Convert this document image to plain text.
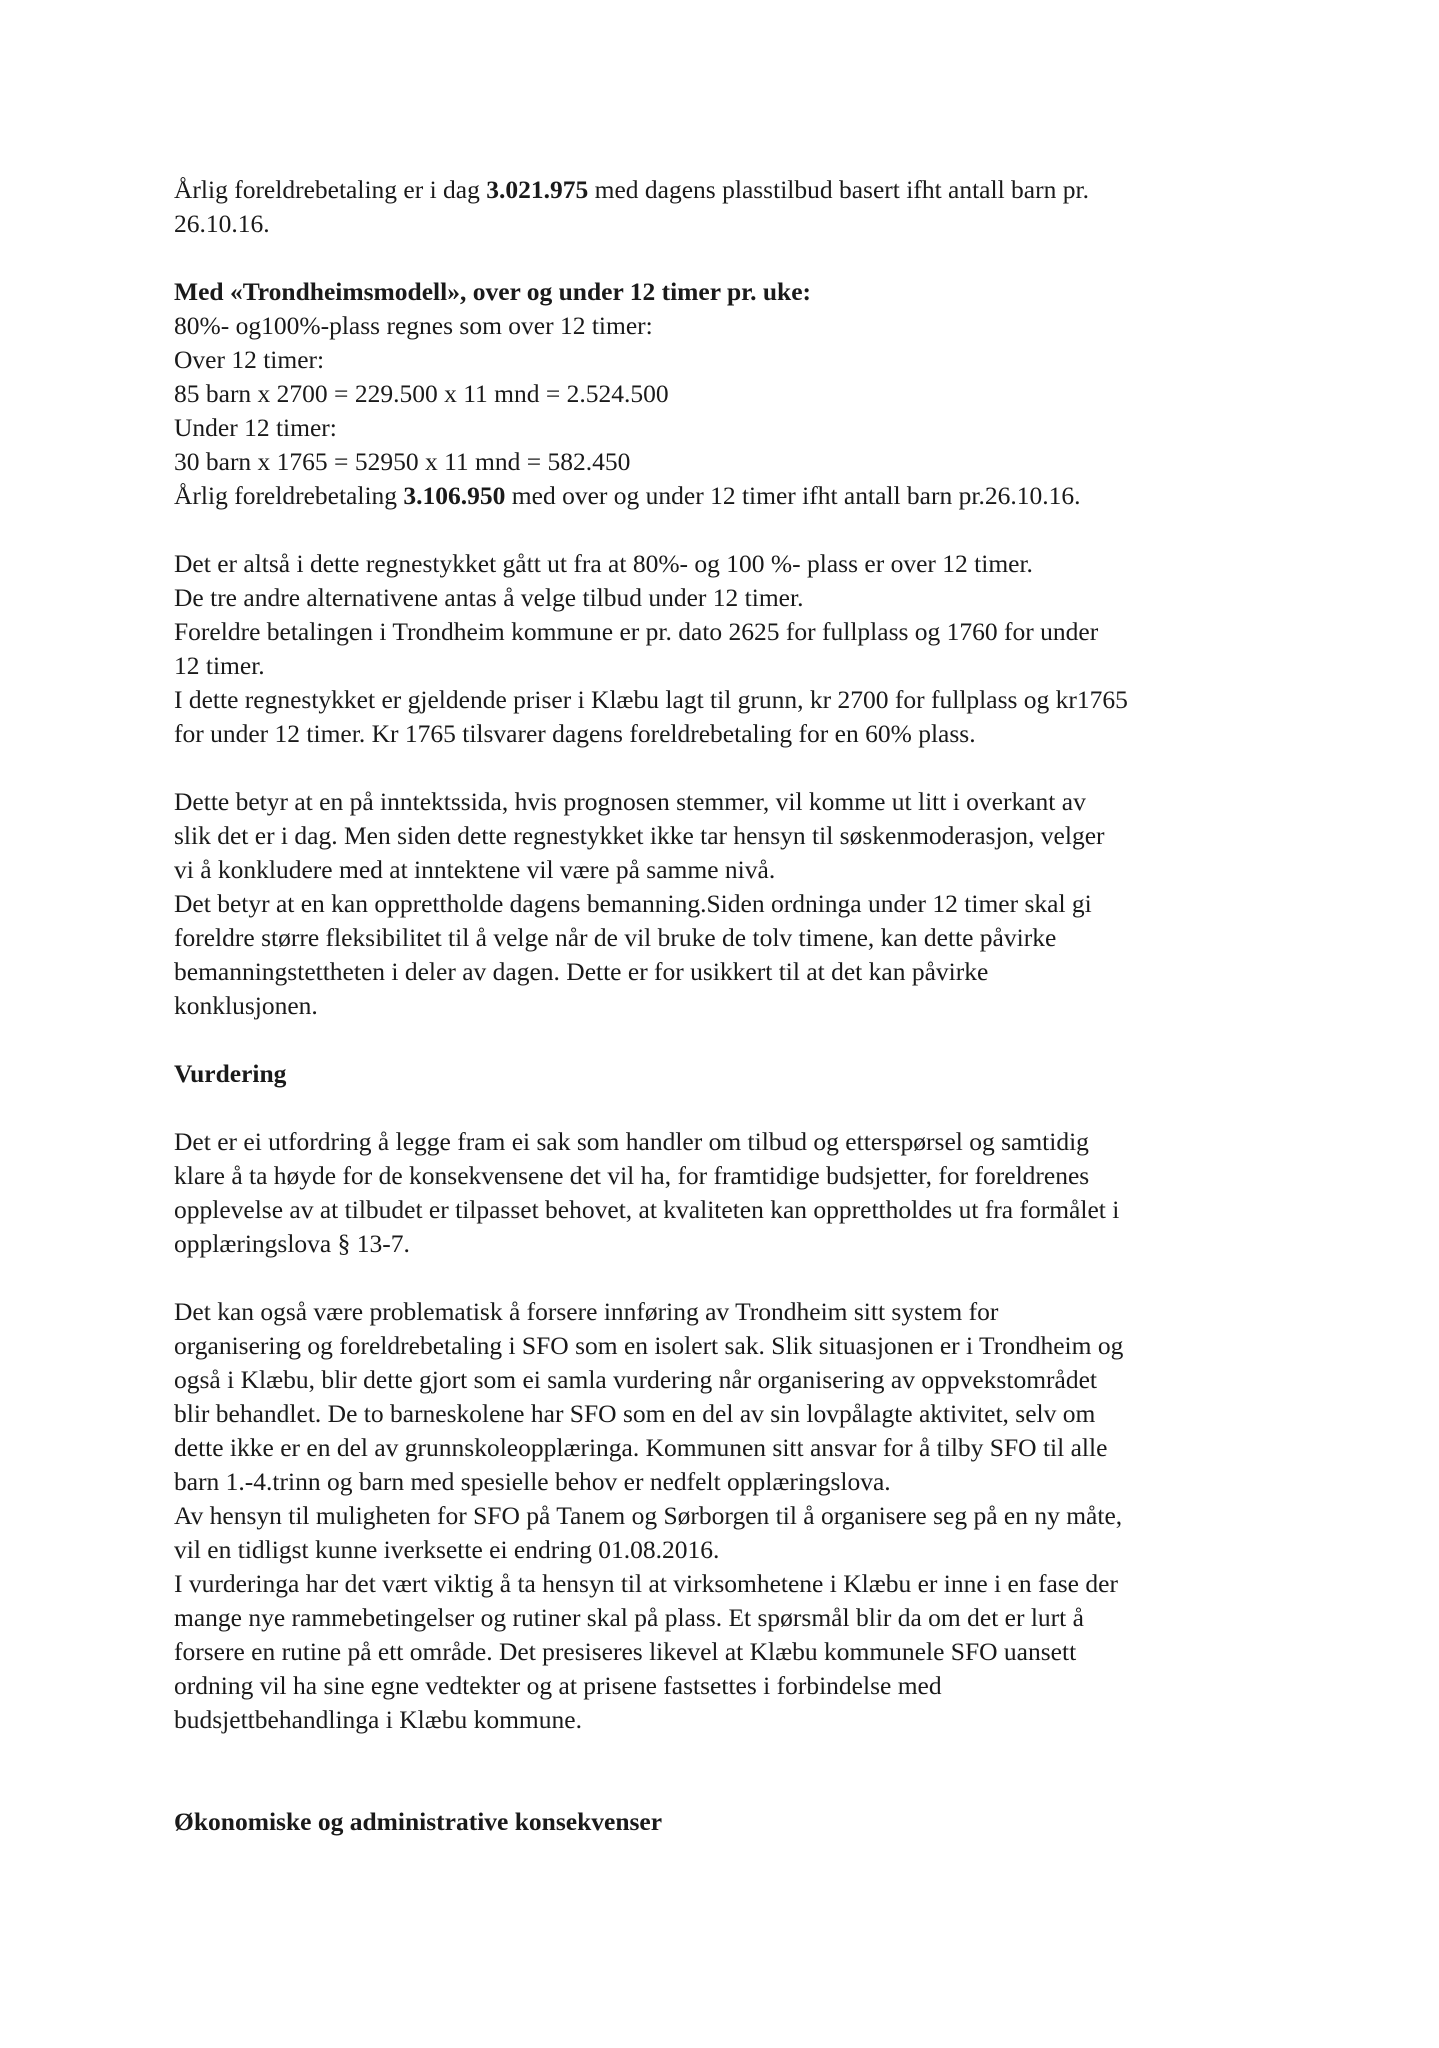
Årlig foreldrebetaling er i dag 3.021.975 med dagens plasstilbud basert ifht antall barn pr.
26.10.16.
Med «Trondheimsmodell», over og under 12 timer pr. uke:
80%- og100%-plass regnes som over 12 timer:
Over 12 timer:
85 barn x 2700 = 229.500 x 11 mnd = 2.524.500
Under 12 timer:
30 barn x 1765 = 52950 x 11 mnd = 582.450
Årlig foreldrebetaling 3.106.950 med over og under 12 timer ifht antall barn pr.26.10.16.
Det er altså i dette regnestykket gått ut fra at 80%- og 100 %- plass er over 12 timer.
De tre andre alternativene antas å velge tilbud under 12 timer.
Foreldre betalingen i Trondheim kommune er pr. dato 2625 for fullplass og 1760 for under
12 timer.
I dette regnestykket er gjeldende priser i Klæbu lagt til grunn, kr 2700 for fullplass og kr1765
for under 12 timer. Kr 1765 tilsvarer dagens foreldrebetaling for en 60% plass.
Dette betyr at en på inntektssida, hvis prognosen stemmer, vil komme ut litt i overkant av
slik det er i dag. Men siden dette regnestykket ikke tar hensyn til søskenmoderasjon, velger
vi å konkludere med at inntektene vil være på samme nivå.
Det betyr at en kan opprettholde dagens bemanning.Siden ordninga under 12 timer skal gi
foreldre større fleksibilitet til å velge når de vil bruke de tolv timene, kan dette påvirke
bemanningstettheten i deler av dagen. Dette er for usikkert til at det kan påvirke
konklusjonen.
Vurdering
Det er ei utfordring å legge fram ei sak som handler om tilbud og etterspørsel og samtidig
klare å ta høyde for de konsekvensene det vil ha, for framtidige budsjetter, for foreldrenes
opplevelse av at tilbudet er tilpasset behovet, at kvaliteten kan opprettholdes ut fra formålet i
opplæringslova § 13-7.
Det kan også være problematisk å forsere innføring av Trondheim sitt system for
organisering og foreldrebetaling i SFO som en isolert sak. Slik situasjonen er i Trondheim og
også i Klæbu, blir dette gjort som ei samla vurdering når organisering av oppvekstområdet
blir behandlet. De to barneskolene har SFO som en del av sin lovpålagte aktivitet, selv om
dette ikke er en del av grunnskoleopplæringa. Kommunen sitt ansvar for å tilby SFO til alle
barn 1.-4.trinn og barn med spesielle behov er nedfelt opplæringslova.
Av hensyn til muligheten for SFO på Tanem og Sørborgen til å organisere seg på en ny måte,
vil en tidligst kunne iverksette ei endring 01.08.2016.
I vurderinga har det vært viktig å ta hensyn til at virksomhetene i Klæbu er inne i en fase der
mange nye rammebetingelser og rutiner skal på plass. Et spørsmål blir da om det er lurt å
forsere en rutine på ett område. Det presiseres likevel at Klæbu kommunele SFO uansett
ordning vil ha sine egne vedtekter og at prisene fastsettes i forbindelse med
budsjettbehandlinga i Klæbu kommune.
Økonomiske og administrative konsekvenser
